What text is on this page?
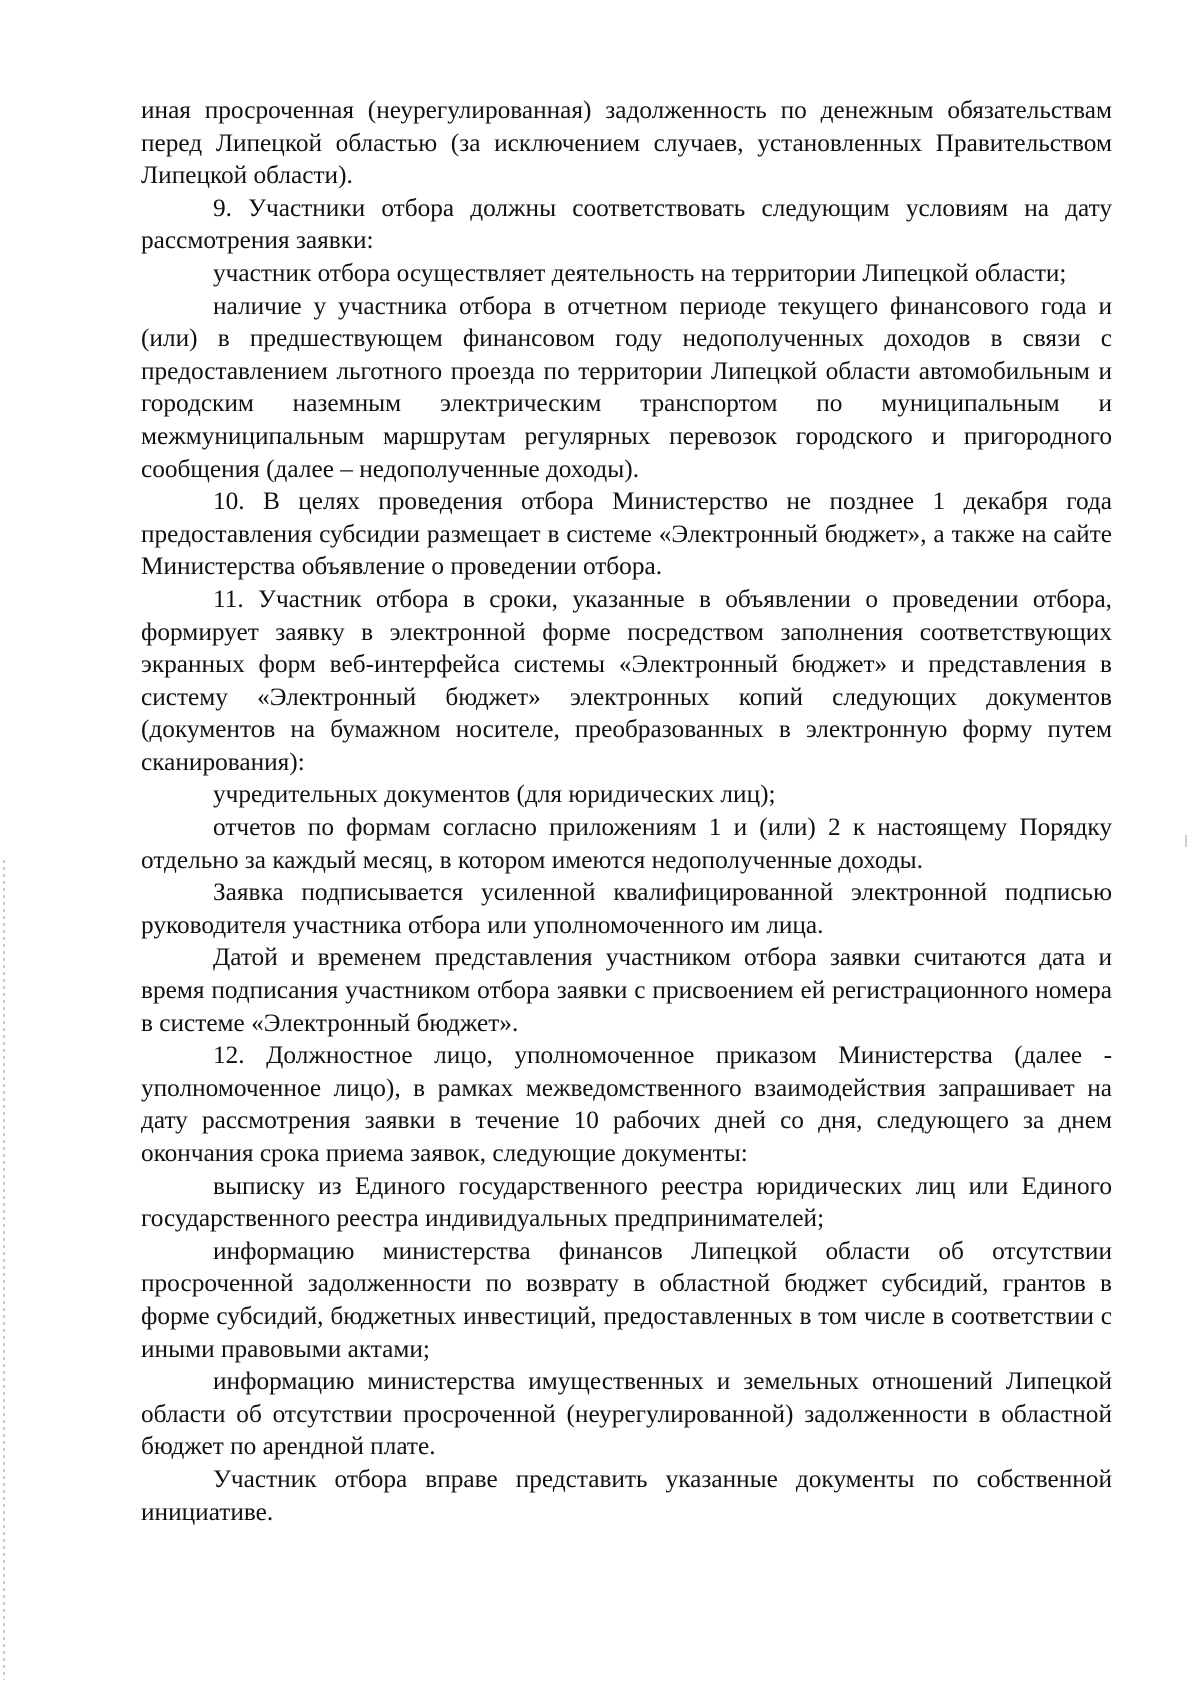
иная просроченная (неурегулированная) задолженность по денежным обязательствам перед Липецкой областью (за исключением случаев, установленных Правительством Липецкой области).

9. Участники отбора должны соответствовать следующим условиям на дату рассмотрения заявки:

участник отбора осуществляет деятельность на территории Липецкой области;

наличие у участника отбора в отчетном периоде текущего финансового года и (или) в предшествующем финансовом году недополученных доходов в связи с предоставлением льготного проезда по территории Липецкой области автомобильным и городским наземным электрическим транспортом по муниципальным и межмуниципальным маршрутам регулярных перевозок городского и пригородного сообщения (далее – недополученные доходы).

10. В целях проведения отбора Министерство не позднее 1 декабря года предоставления субсидии размещает в системе «Электронный бюджет», а также на сайте Министерства объявление о проведении отбора.

11. Участник отбора в сроки, указанные в объявлении о проведении отбора, формирует заявку в электронной форме посредством заполнения соответствующих экранных форм веб-интерфейса системы «Электронный бюджет» и представления в систему «Электронный бюджет» электронных копий следующих документов (документов на бумажном носителе, преобразованных в электронную форму путем сканирования):

учредительных документов (для юридических лиц);

отчетов по формам согласно приложениям 1 и (или) 2 к настоящему Порядку отдельно за каждый месяц, в котором имеются недополученные доходы.

Заявка подписывается усиленной квалифицированной электронной подписью руководителя участника отбора или уполномоченного им лица.

Датой и временем представления участником отбора заявки считаются дата и время подписания участником отбора заявки с присвоением ей регистрационного номера в системе «Электронный бюджет».

12. Должностное лицо, уполномоченное приказом Министерства (далее - уполномоченное лицо), в рамках межведомственного взаимодействия запрашивает на дату рассмотрения заявки в течение 10 рабочих дней со дня, следующего за днем окончания срока приема заявок, следующие документы:

выписку из Единого государственного реестра юридических лиц или Единого государственного реестра индивидуальных предпринимателей;

информацию министерства финансов Липецкой области об отсутствии просроченной задолженности по возврату в областной бюджет субсидий, грантов в форме субсидий, бюджетных инвестиций, предоставленных в том числе в соответствии с иными правовыми актами;

информацию министерства имущественных и земельных отношений Липецкой области об отсутствии просроченной (неурегулированной) задолженности в областной бюджет по арендной плате.

Участник отбора вправе представить указанные документы по собственной инициативе.
